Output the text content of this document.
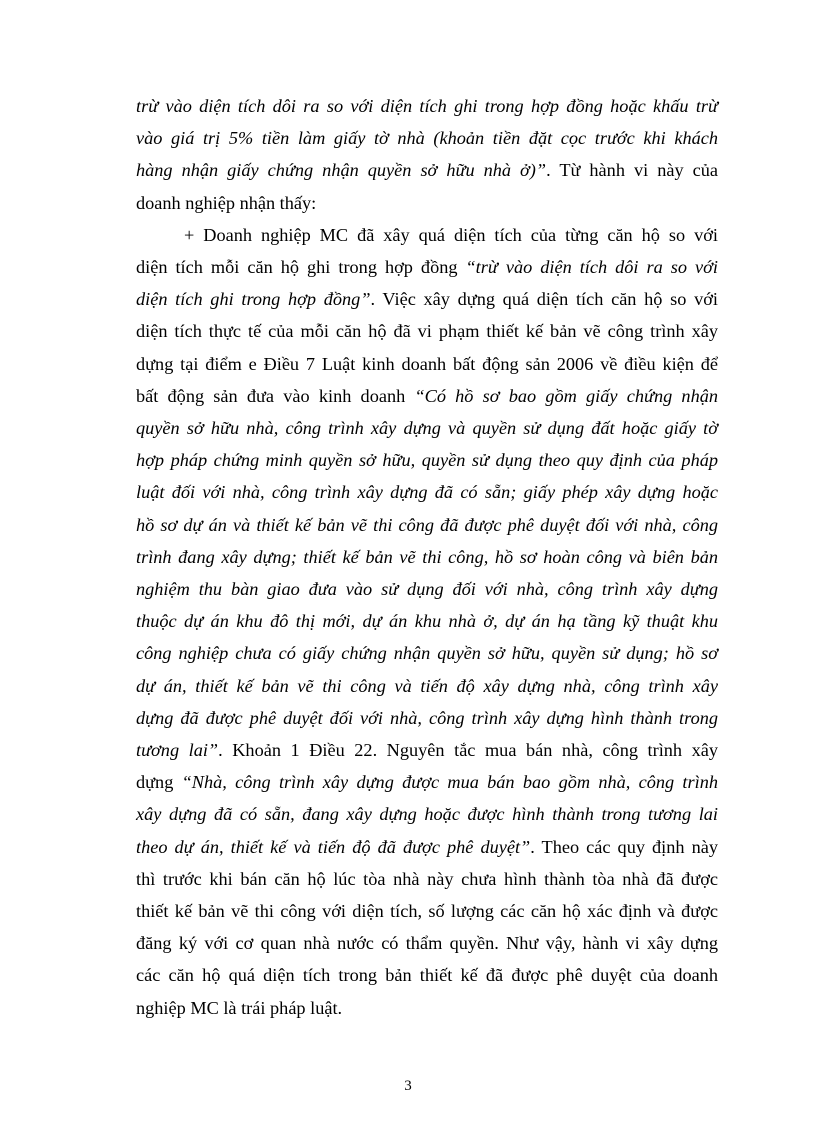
trừ vào diện tích dôi ra so với diện tích ghi trong hợp đồng hoặc khấu trừ
vào giá trị 5% tiền làm giấy tờ nhà (khoản tiền đặt cọc trước khi khách
hàng nhận giấy chứng nhận quyền sở hữu nhà ở)”. Từ hành vi này của
doanh nghiệp nhận thấy:
+ Doanh nghiệp MC đã xây quá diện tích của từng căn hộ so với
diện tích mỗi căn hộ ghi trong hợp đồng “trừ vào diện tích dôi ra so với
diện tích ghi trong hợp đồng”. Việc xây dựng quá diện tích căn hộ so với
diện tích thực tế của mỗi căn hộ đã vi phạm thiết kế bản vẽ công trình xây
dựng tại điểm e Điều 7 Luật kinh doanh bất động sản 2006 về điều kiện để
bất động sản đưa vào kinh doanh “Có hồ sơ bao gồm giấy chứng nhận
quyền sở hữu nhà, công trình xây dựng và quyền sử dụng đất hoặc giấy tờ
hợp pháp chứng minh quyền sở hữu, quyền sử dụng theo quy định của pháp
luật đối với nhà, công trình xây dựng đã có sẵn; giấy phép xây dựng hoặc
hồ sơ dự án và thiết kế bản vẽ thi công đã được phê duyệt đối với nhà, công
trình đang xây dựng; thiết kế bản vẽ thi công, hồ sơ hoàn công và biên bản
nghiệm thu bàn giao đưa vào sử dụng đối với nhà, công trình xây dựng
thuộc dự án khu đô thị mới, dự án khu nhà ở, dự án hạ tầng kỹ thuật khu
công nghiệp chưa có giấy chứng nhận quyền sở hữu, quyền sử dụng; hồ sơ
dự án, thiết kế bản vẽ thi công và tiến độ xây dựng nhà, công trình xây
dựng đã được phê duyệt đối với nhà, công trình xây dựng hình thành trong
tương lai”. Khoản 1 Điều 22. Nguyên tắc mua bán nhà, công trình xây
dựng “Nhà, công trình xây dựng được mua bán bao gồm nhà, công trình
xây dựng đã có sẵn, đang xây dựng hoặc được hình thành trong tương lai
theo dự án, thiết kế và tiến độ đã được phê duyệt”. Theo các quy định này
thì trước khi bán căn hộ lúc tòa nhà này chưa hình thành tòa nhà đã được
thiết kế bản vẽ thi công với diện tích, số lượng các căn hộ xác định và được
đăng ký với cơ quan nhà nước có thẩm quyền. Như vậy, hành vi xây dựng
các căn hộ quá diện tích trong bản thiết kế đã được phê duyệt của doanh
nghiệp MC là trái pháp luật.
3
